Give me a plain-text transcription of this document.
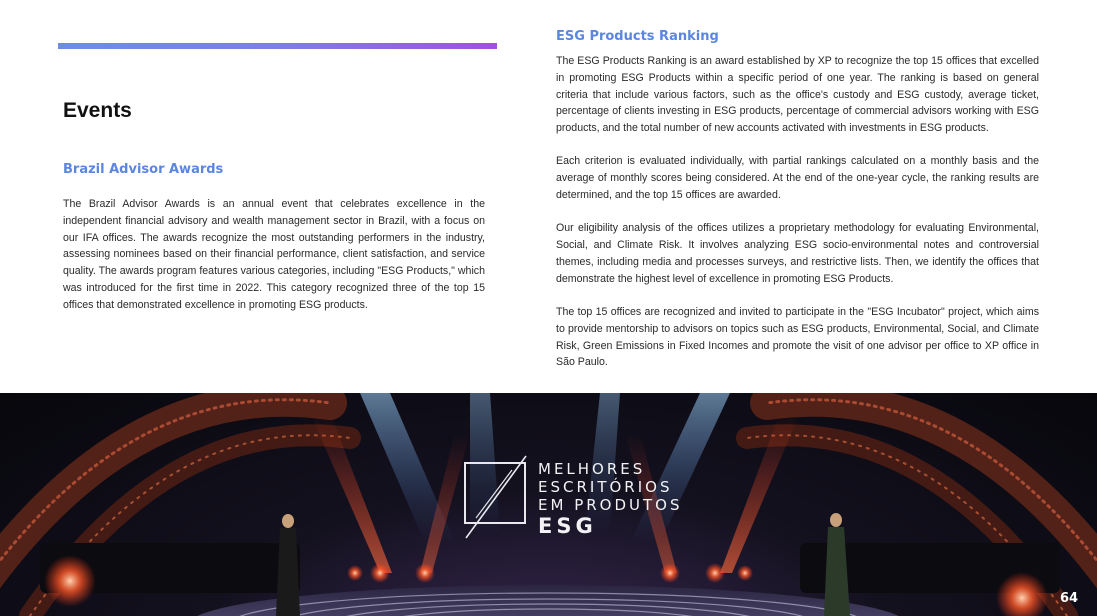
Events
Brazil Advisor Awards

The Brazil Advisor Awards is an annual event that celebrates excellence in the independent financial advisory and wealth management sector in Brazil, with a focus on our IFA offices. The awards recognize the most outstanding performers in the industry, assessing nominees based on their financial performance, client satisfaction, and service quality. The awards program features various categories, including "ESG Products," which was introduced for the first time in 2022. This category recognized three of the top 15 offices that demonstrated excellence in promoting ESG products.

ESG Products Ranking

The ESG Products Ranking is an award established by XP to recognize the top 15 offices that excelled in promoting ESG Products within a specific period of one year. The ranking is based on general criteria that include various factors, such as the office's custody and ESG custody, average ticket, percentage of clients investing in ESG products, percentage of commercial advisors working with ESG products, and the total number of new accounts activated with investments in ESG products.

Each criterion is evaluated individually, with partial rankings calculated on a monthly basis and the average of monthly scores being considered. At the end of the one-year cycle, the ranking results are determined, and the top 15 offices are awarded.

Our eligibility analysis of the offices utilizes a proprietary methodology for evaluating Environmental, Social, and Climate Risk. It involves analyzing ESG socio-environmental notes and controversial themes, including media and processes surveys, and restrictive lists. Then, we identify the offices that demonstrate the highest level of excellence in promoting ESG Products.

The top 15 offices are recognized and invited to participate in the "ESG Incubator" project, which aims to provide mentorship to advisors on topics such as ESG products, Environmental, Social, and Climate Risk, Green Emissions in Fixed Incomes and promote the visit of one advisor per office to XP office in São Paulo.

MELHORES
ESCRITÓRIOS
EM PRODUTOS
ESG
64
